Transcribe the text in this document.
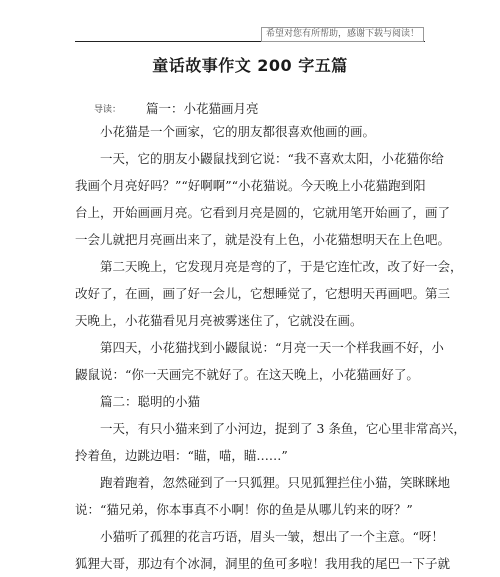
希望对您有所帮助，感谢下载与阅读！
童话故事作文 200 字五篇
导读： 篇一：小花猫画月亮
小花猫是一个画家，它的朋友都很喜欢他画的画。
一天，它的朋友小鼹鼠找到它说：“我不喜欢太阳，小花猫你给
我画个月亮好吗？”“好啊啊”“小花猫说。今天晚上小花猫跑到阳
台上，开始画画月亮。它看到月亮是圆的，它就用笔开始画了，画了
一会儿就把月亮画出来了，就是没有上色，小花猫想明天在上色吧。
第二天晚上，它发现月亮是弯的了，于是它连忙改，改了好一会，
改好了，在画，画了好一会儿，它想睡觉了，它想明天再画吧。第三
天晚上，小花猫看见月亮被雾迷住了，它就没在画。
第四天，小花猫找到小鼹鼠说：“月亮一天一个样我画不好，小
鼹鼠说：“你一天画完不就好了。在这天晚上，小花猫画好了。
篇二：聪明的小猫
一天，有只小猫来到了小河边，捉到了 3 条鱼，它心里非常高兴，
拎着鱼，边跳边唱：“瞄，喵，瞄……”
跑着跑着，忽然碰到了一只狐狸。只见狐狸拦住小猫，笑眯眯地
说：“猫兄弟，你本事真不小啊！你的鱼是从哪儿钓来的呀？”
小猫听了孤狸的花言巧语，眉头一皱，想出了一个主意。“呀！
狐狸大哥，那边有个冰洞，洞里的鱼可多啦！我用我的尾巴一下子就
